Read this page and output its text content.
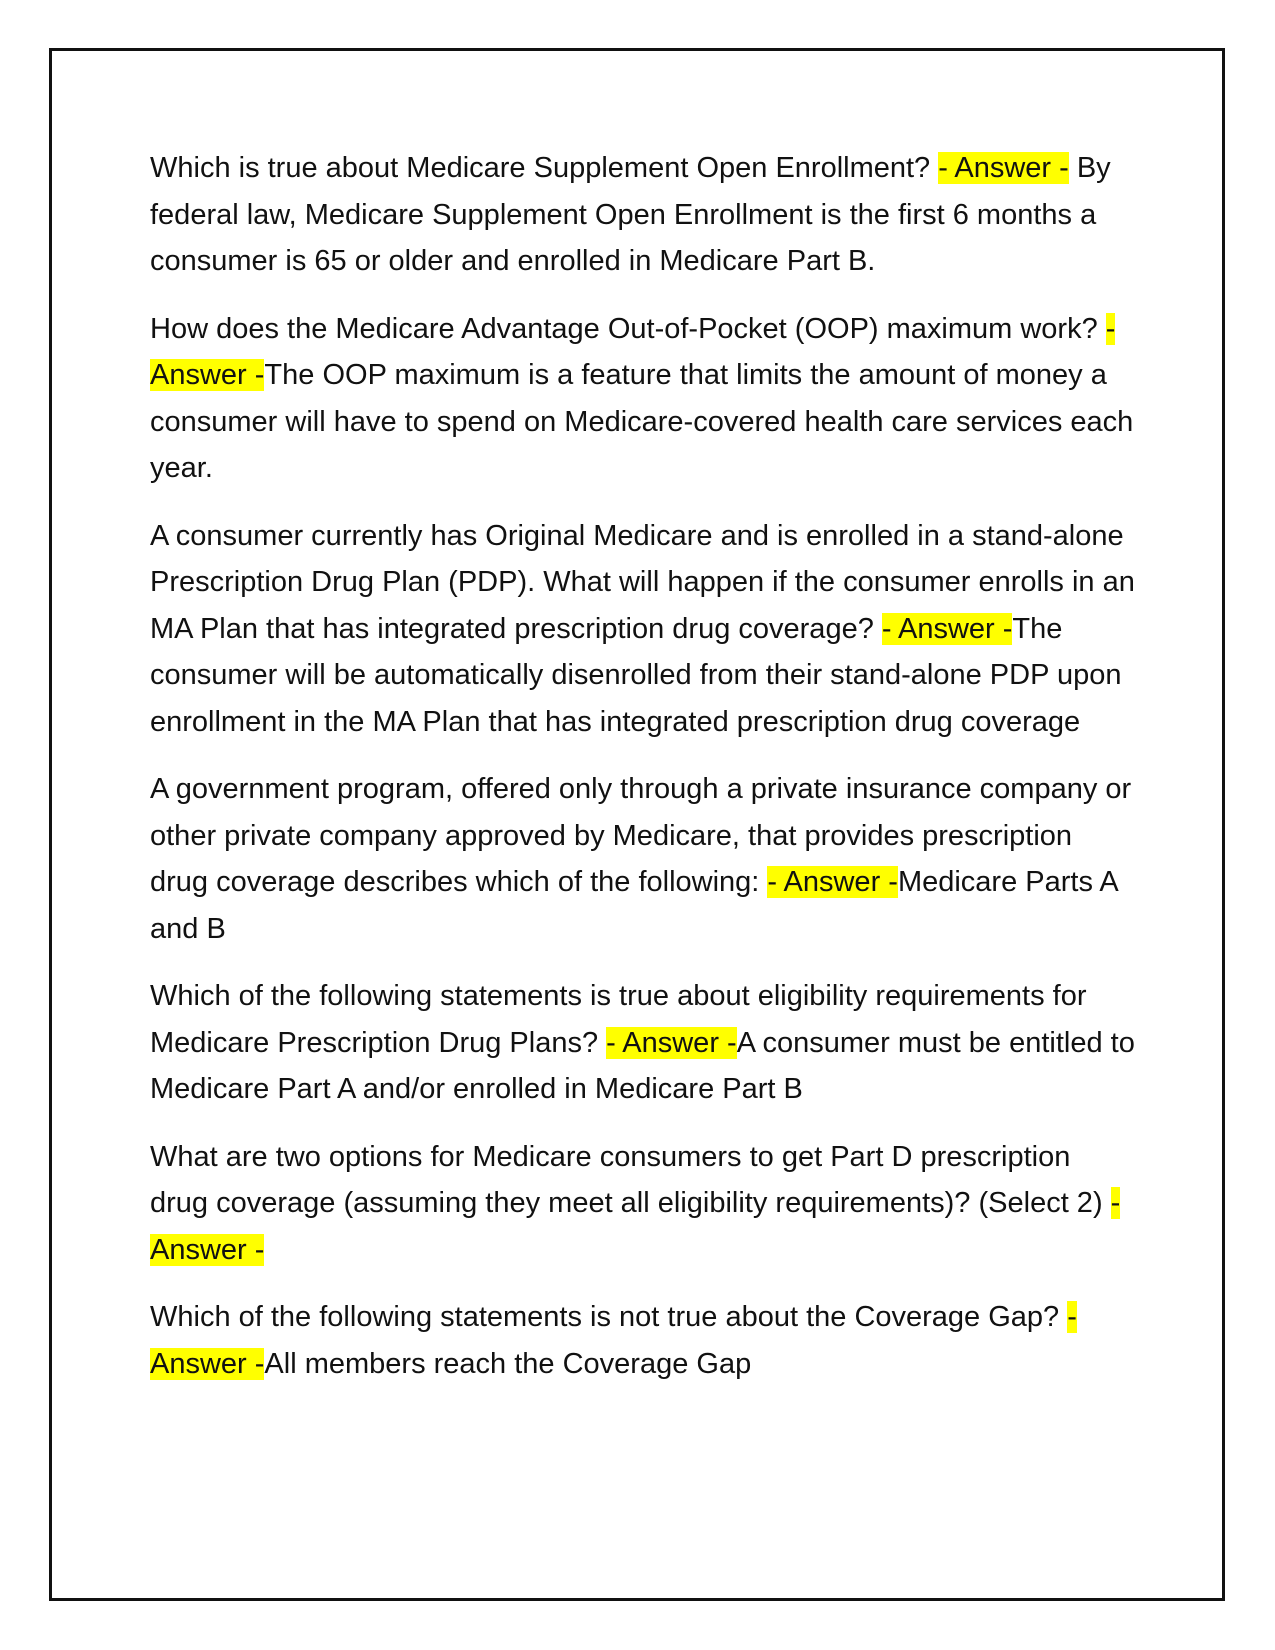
Which is true about Medicare Supplement Open Enrollment? - Answer - By federal law, Medicare Supplement Open Enrollment is the first 6 months a consumer is 65 or older and enrolled in Medicare Part B.

How does the Medicare Advantage Out-of-Pocket (OOP) maximum work? - Answer -The OOP maximum is a feature that limits the amount of money a consumer will have to spend on Medicare-covered health care services each year.

A consumer currently has Original Medicare and is enrolled in a stand-alone Prescription Drug Plan (PDP). What will happen if the consumer enrolls in an MA Plan that has integrated prescription drug coverage? - Answer -The consumer will be automatically disenrolled from their stand-alone PDP upon enrollment in the MA Plan that has integrated prescription drug coverage

A government program, offered only through a private insurance company or other private company approved by Medicare, that provides prescription drug coverage describes which of the following: - Answer -Medicare Parts A and B

Which of the following statements is true about eligibility requirements for Medicare Prescription Drug Plans? - Answer -A consumer must be entitled to Medicare Part A and/or enrolled in Medicare Part B

What are two options for Medicare consumers to get Part D prescription drug coverage (assuming they meet all eligibility requirements)? (Select 2) - Answer -

Which of the following statements is not true about the Coverage Gap? - Answer -All members reach the Coverage Gap
